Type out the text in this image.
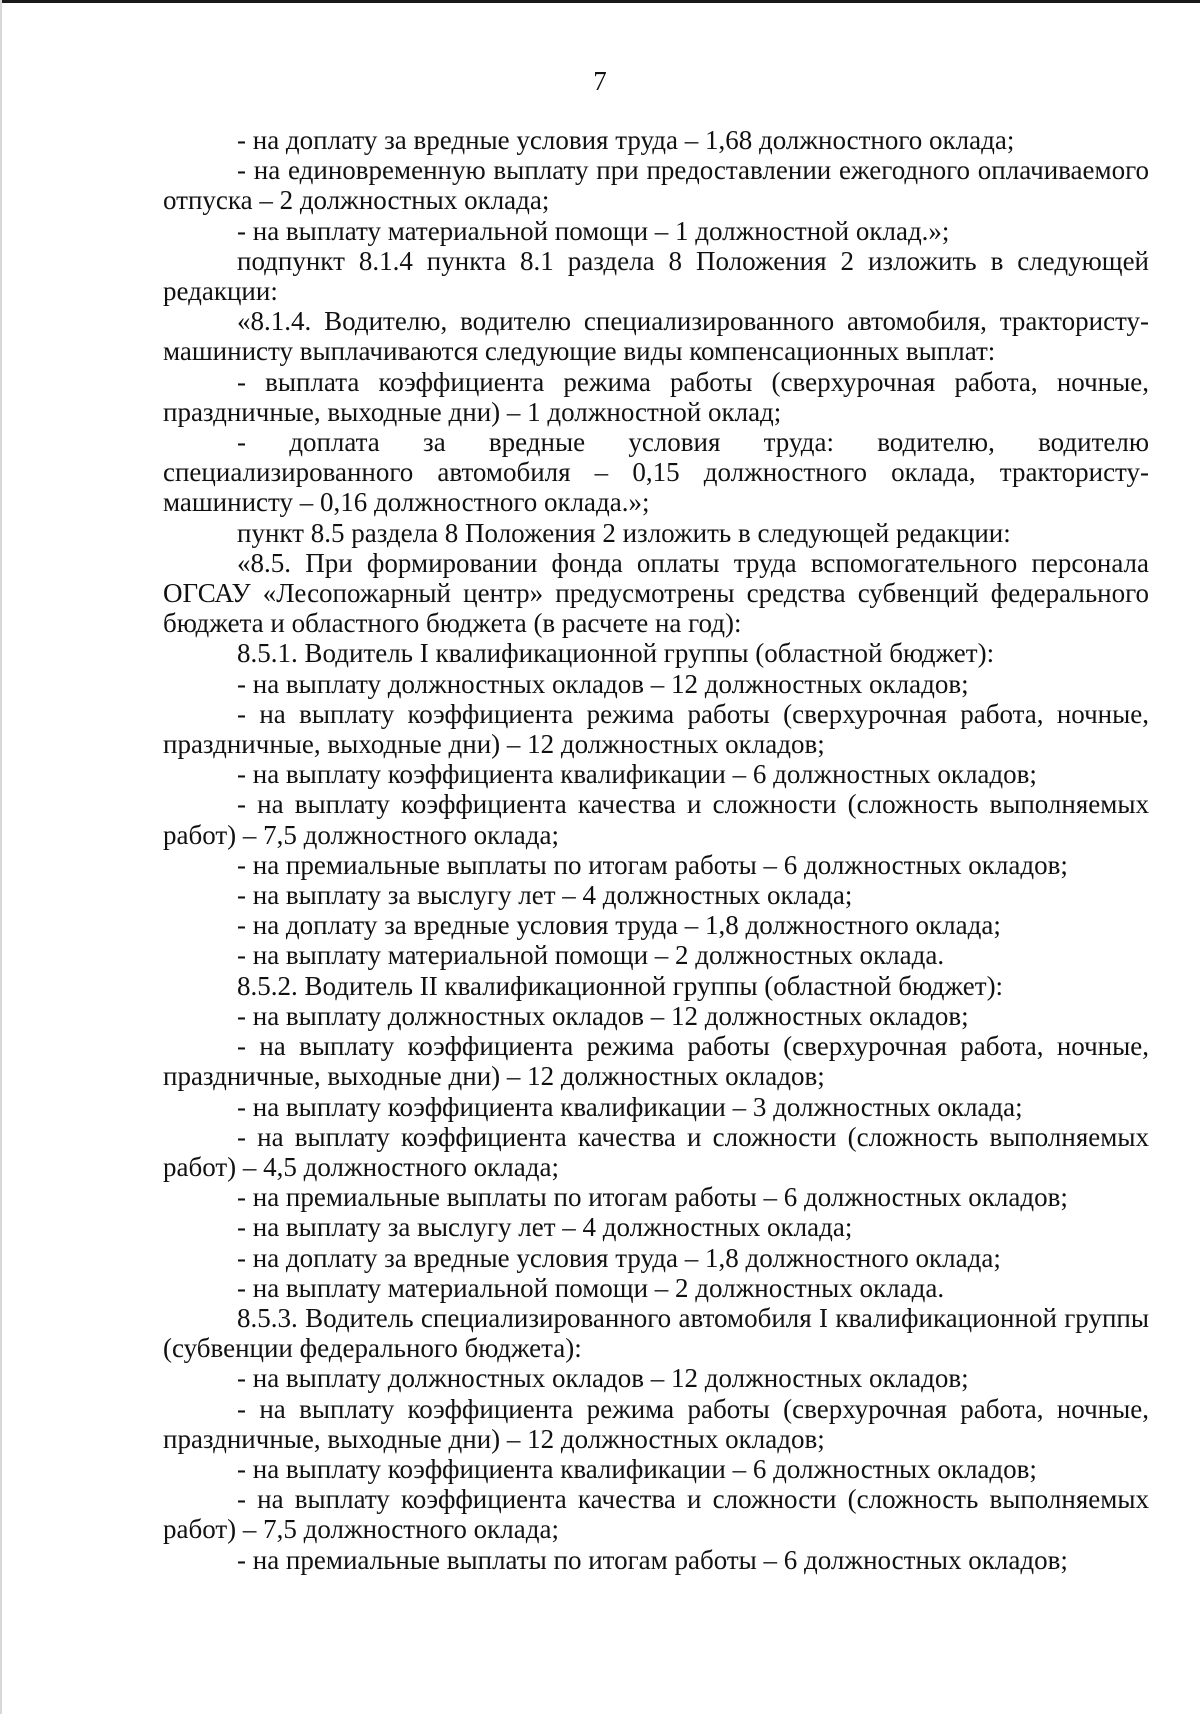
7

- на доплату за вредные условия труда – 1,68 должностного оклада;

- на единовременную выплату при предоставлении ежегодного оплачиваемого отпуска – 2 должностных оклада;

- на выплату материальной помощи – 1 должностной оклад.»;

подпункт 8.1.4 пункта 8.1 раздела 8 Положения 2 изложить в следующей редакции:

«8.1.4. Водителю, водителю специализированного автомобиля, трактористу-машинисту выплачиваются следующие виды компенсационных выплат:

- выплата коэффициента режима работы (сверхурочная работа, ночные, праздничные, выходные дни) – 1 должностной оклад;

- доплата за вредные условия труда: водителю, водителю специализированного автомобиля – 0,15 должностного оклада, трактористу-машинисту – 0,16 должностного оклада.»;

пункт 8.5 раздела 8 Положения 2 изложить в следующей редакции:

«8.5. При формировании фонда оплаты труда вспомогательного персонала ОГСАУ «Лесопожарный центр» предусмотрены средства субвенций федерального бюджета и областного бюджета (в расчете на год):

8.5.1. Водитель I квалификационной группы (областной бюджет):

- на выплату должностных окладов – 12 должностных окладов;

- на выплату коэффициента режима работы (сверхурочная работа, ночные, праздничные, выходные дни) – 12 должностных окладов;

- на выплату коэффициента квалификации – 6 должностных окладов;

- на выплату коэффициента качества и сложности (сложность выполняемых работ) – 7,5 должностного оклада;

- на премиальные выплаты по итогам работы – 6 должностных окладов;

- на выплату за выслугу лет – 4 должностных оклада;

- на доплату за вредные условия труда – 1,8 должностного оклада;

- на выплату материальной помощи – 2 должностных оклада.

8.5.2. Водитель II квалификационной группы (областной бюджет):

- на выплату должностных окладов – 12 должностных окладов;

- на выплату коэффициента режима работы (сверхурочная работа, ночные, праздничные, выходные дни) – 12 должностных окладов;

- на выплату коэффициента квалификации – 3 должностных оклада;

- на выплату коэффициента качества и сложности (сложность выполняемых работ) – 4,5 должностного оклада;

- на премиальные выплаты по итогам работы – 6 должностных окладов;

- на выплату за выслугу лет – 4 должностных оклада;

- на доплату за вредные условия труда – 1,8 должностного оклада;

- на выплату материальной помощи – 2 должностных оклада.

8.5.3. Водитель специализированного автомобиля I квалификационной группы (субвенции федерального бюджета):

- на выплату должностных окладов – 12 должностных окладов;

- на выплату коэффициента режима работы (сверхурочная работа, ночные, праздничные, выходные дни) – 12 должностных окладов;

- на выплату коэффициента квалификации – 6 должностных окладов;

- на выплату коэффициента качества и сложности (сложность выполняемых работ) – 7,5 должностного оклада;

- на премиальные выплаты по итогам работы – 6 должностных окладов;
